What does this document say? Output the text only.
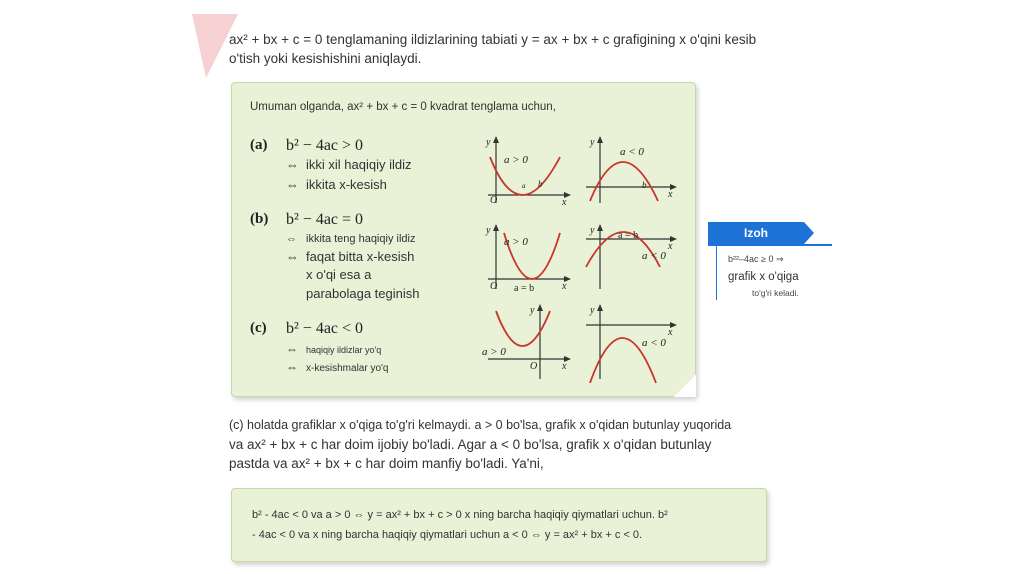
ax² + bx + c = 0 tenglamaning ildizlarining tabiati y = ax + bx + c grafigining x o'qini kesib
o'tish yoki kesishishini aniqlaydi.
Umuman olganda, ax² + bx + c = 0 kvadrat tenglama uchun,
(a)	b² − 4ac > 0
⇔ ikki xil haqiqiy ildiz
⇔ ikkita x-kesish
(b)	b² − 4ac = 0
⇔ ikkita teng haqiqiy ildiz
⇔ faqat bitta x-kesish
x o'qi esa a
parabolaga teginish
(c)	b² − 4ac < 0
⇔ haqiqiy ildizlar yo'q
⇔ x-kesishmalar yo'q
a > 0
a < 0
a > 0
a = b
a = b
a < 0
a > 0
a < 0
b
a	b
O
O
O
x
x
x
x
x
x
y	y
y	y
y	y
Izoh
b²²–4ac ≥ 0 ⇒
grafik x o'qiga
to'g'ri keladi.
(c) holatda grafiklar x o'qiga to'g'ri kelmaydi. a > 0 bo'lsa, grafik x o'qidan butunlay yuqorida
va ax² + bx + c har doim ijobiy bo'ladi. Agar a < 0 bo'lsa, grafik x o'qidan butunlay
pastda va ax² + bx + c har doim manfiy bo'ladi. Ya'ni,
b² - 4ac < 0 va a > 0 ⇔ y = ax² + bx + c > 0 x ning barcha haqiqiy qiymatlari uchun. b²
- 4ac < 0 va x ning barcha haqiqiy qiymatlari uchun a < 0 ⇔ y = ax² + bx + c < 0.
